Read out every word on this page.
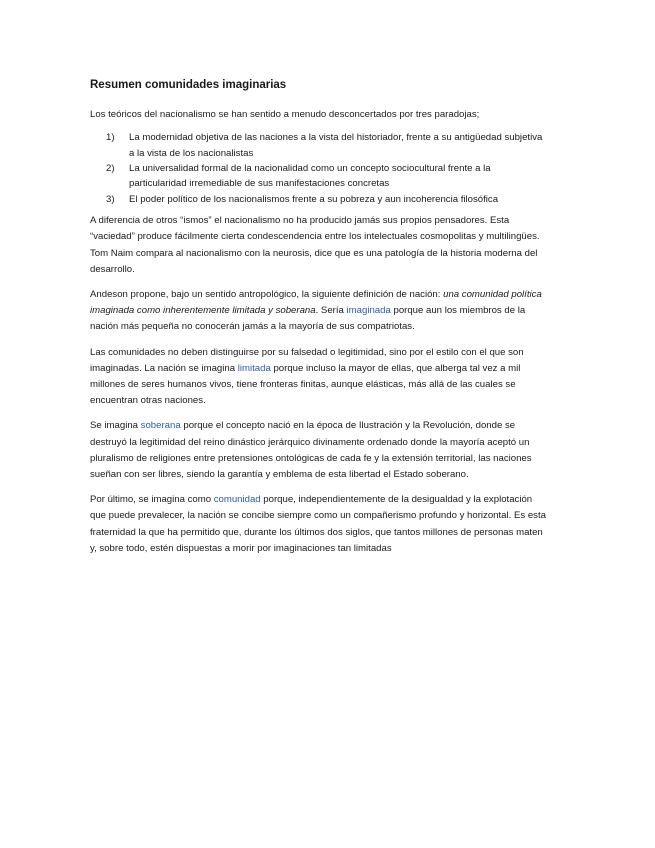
Resumen comunidades imaginarias
Los teóricos del nacionalismo se han sentido a menudo desconcertados por tres paradojas;
1) La modernidad objetiva de las naciones a la vista del historiador, frente a su antigüedad subjetiva a la vista de los nacionalistas
2) La universalidad formal de la nacionalidad como un concepto sociocultural frente a la particularidad irremediable de sus manifestaciones concretas
3) El poder político de los nacionalismos frente a su pobreza y aun incoherencia filosófica
A diferencia de otros “ismos” el nacionalismo no ha producido jamás sus propios pensadores. Esta “vaciedad” produce fácilmente cierta condescendencia entre los intelectuales cosmopolitas y multilingües. Tom Naim compara al nacionalismo con la neurosis, dice que es una patología de la historia moderna del desarrollo.
Andeson propone, bajo un sentido antropológico, la siguiente definición de nación: una comunidad política imaginada como inherentemente limitada y soberana. Sería imaginada porque aun los miembros de la nación más pequeña no conocerán jamás a la mayoría de sus compatriotas.
Las comunidades no deben distinguirse por su falsedad o legitimidad, sino por el estilo con el que son imaginadas. La nación se imagina limitada porque incluso la mayor de ellas, que alberga tal vez a mil millones de seres humanos vivos, tiene fronteras finitas, aunque elásticas, más allá de las cuales se encuentran otras naciones.
Se imagina soberana porque el concepto nació en la época de Ilustración y la Revolución, donde se destruyó la legitimidad del reino dinástico jerárquico divinamente ordenado donde la mayoría aceptó un pluralismo de religiones entre pretensiones ontológicas de cada fe y la extensión territorial, las naciones sueñan con ser libres, siendo la garantía y emblema de esta libertad el Estado soberano.
Por último, se imagina como comunidad porque, independientemente de la desigualdad y la explotación que puede prevalecer, la nación se concibe siempre como un compañerismo profundo y horizontal. Es esta fraternidad la que ha permitido que, durante los últimos dos siglos, que tantos millones de personas maten y, sobre todo, estén dispuestas a morir por imaginaciones tan limitadas
